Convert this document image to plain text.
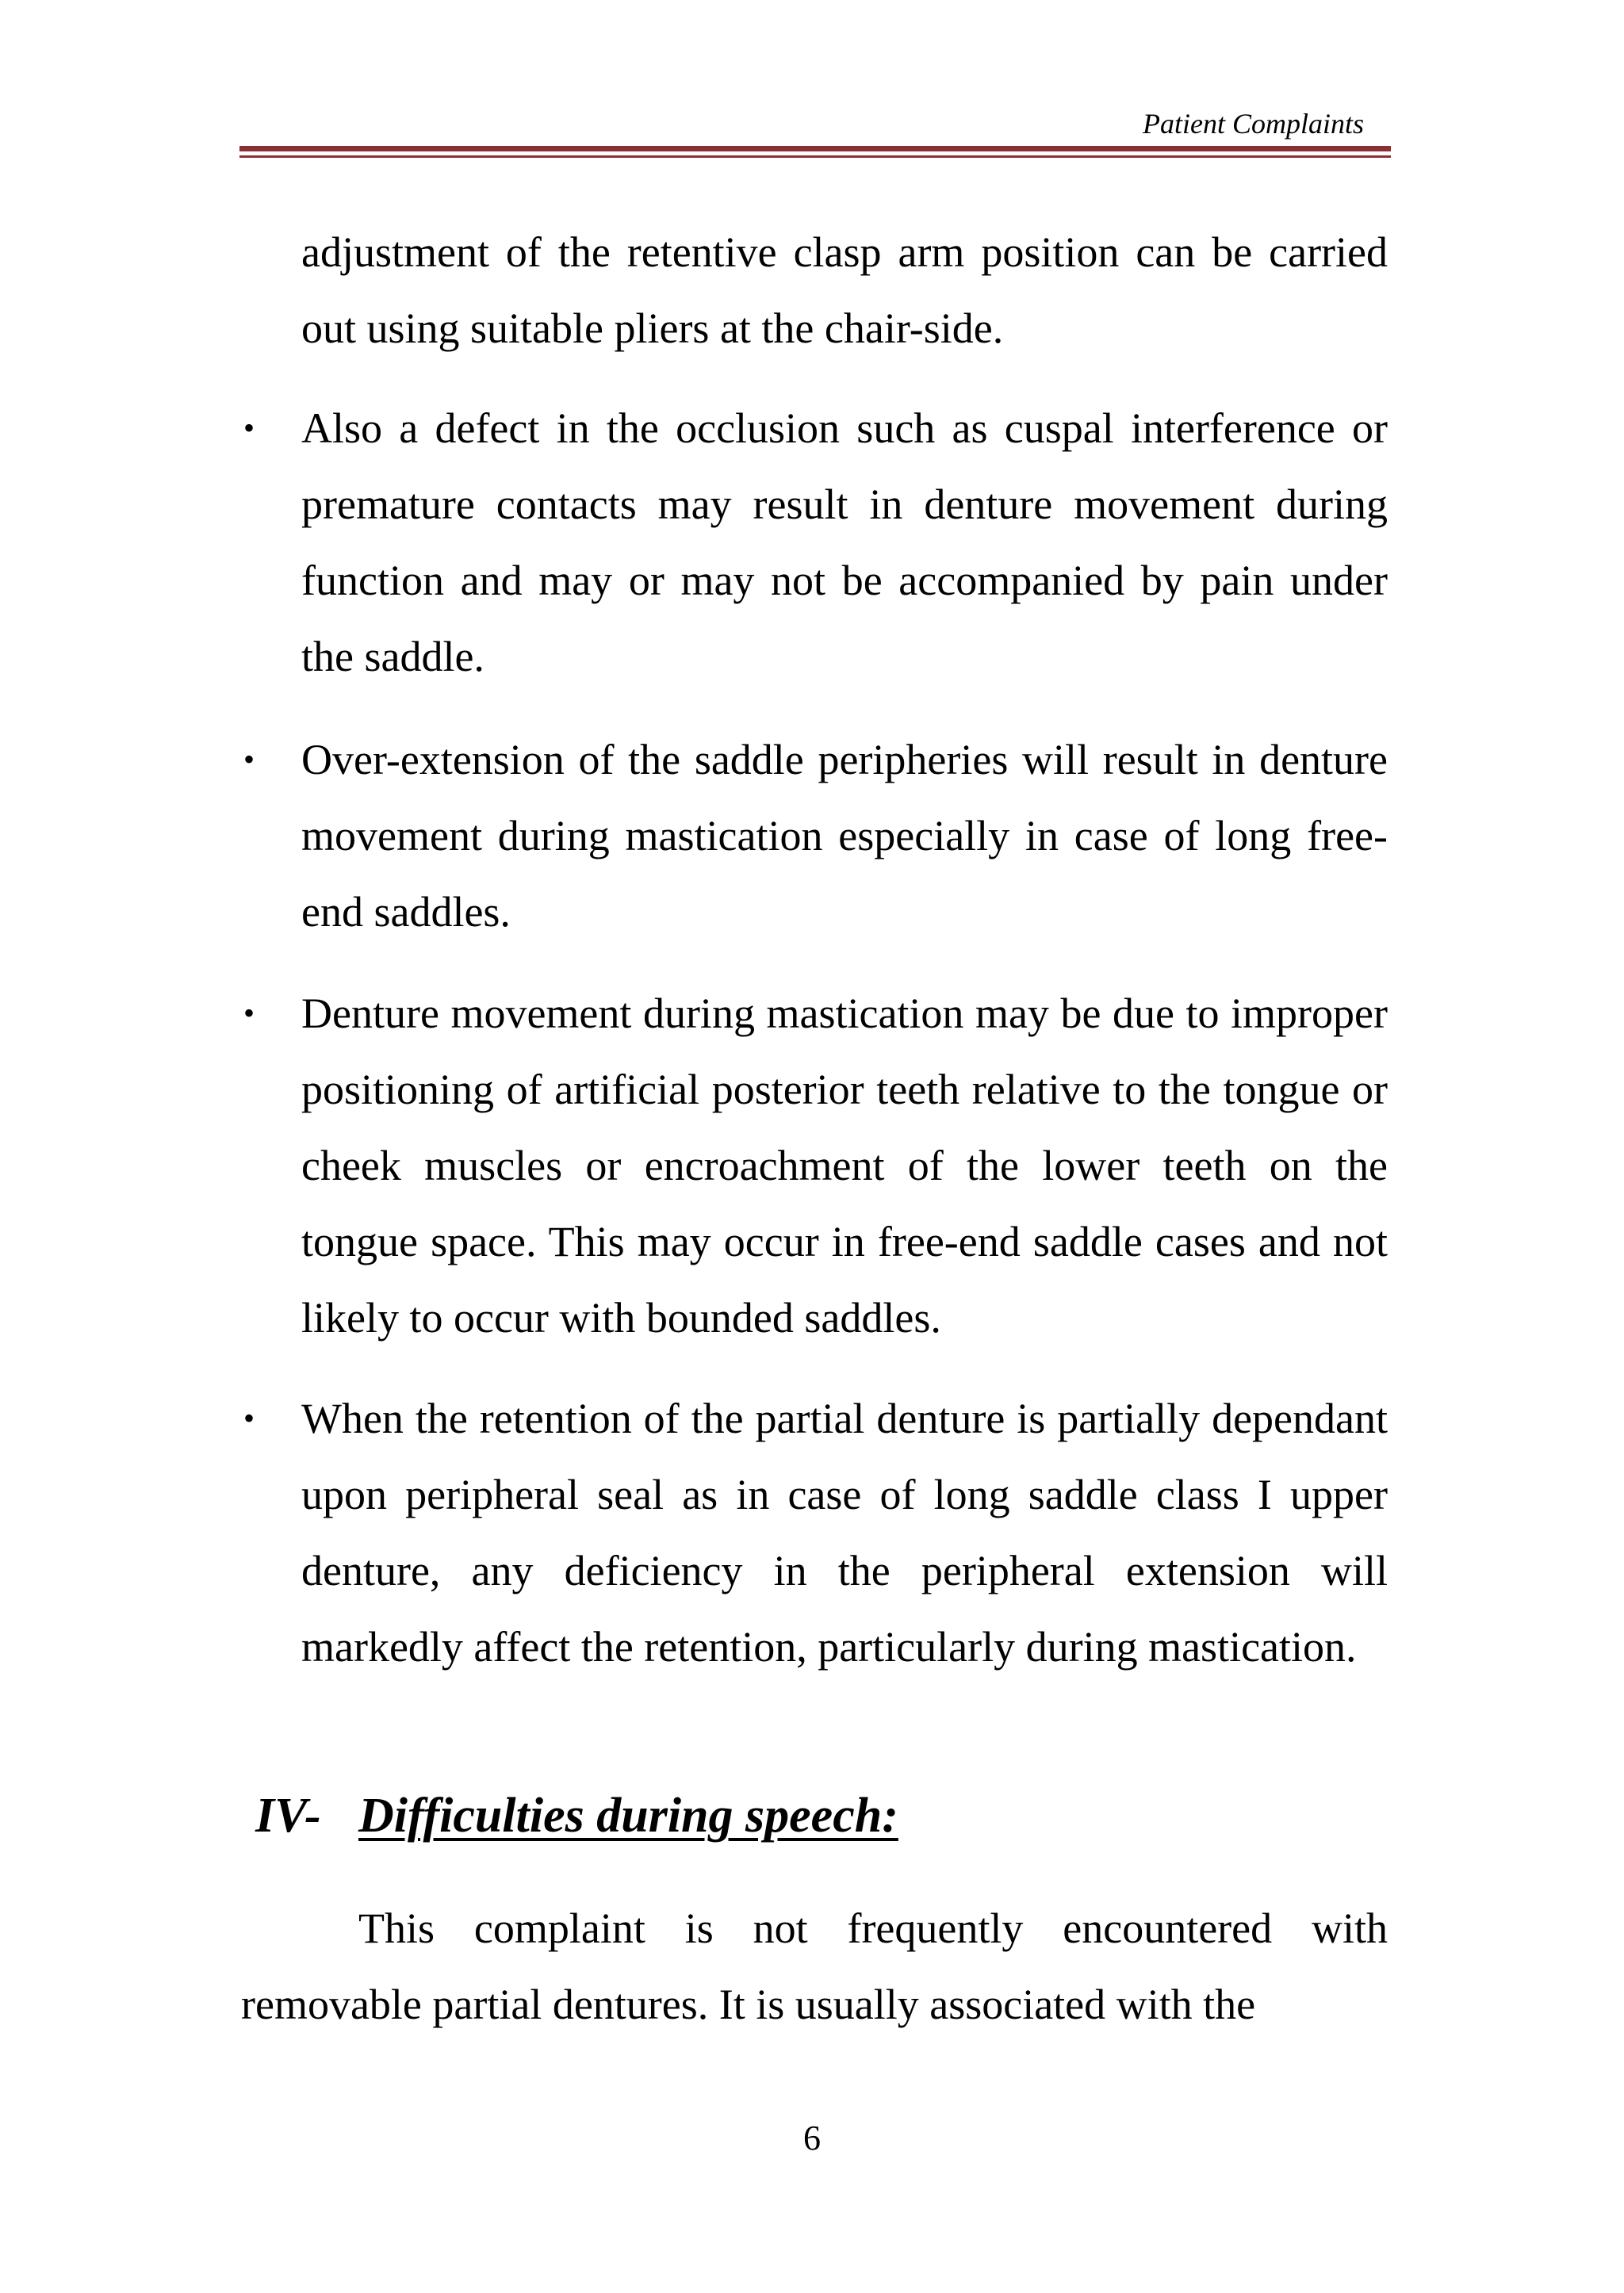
Patient Complaints
adjustment of the retentive clasp arm position can be carried out using suitable pliers at the chair-side.
• Also a defect in the occlusion such as cuspal interference or premature contacts may result in denture movement during function and may or may not be accompanied by pain under the saddle.
• Over-extension of the saddle peripheries will result in denture movement during mastication especially in case of long free-end saddles.
• Denture movement during mastication may be due to improper positioning of artificial posterior teeth relative to the tongue or cheek muscles or encroachment of the lower teeth on the tongue space. This may occur in free-end saddle cases and not likely to occur with bounded saddles.
• When the retention of the partial denture is partially dependant upon peripheral seal as in case of long saddle class I upper denture, any deficiency in the peripheral extension will markedly affect the retention, particularly during mastication.
IV- Difficulties during speech:
This complaint is not frequently encountered with removable partial dentures. It is usually associated with the
6
